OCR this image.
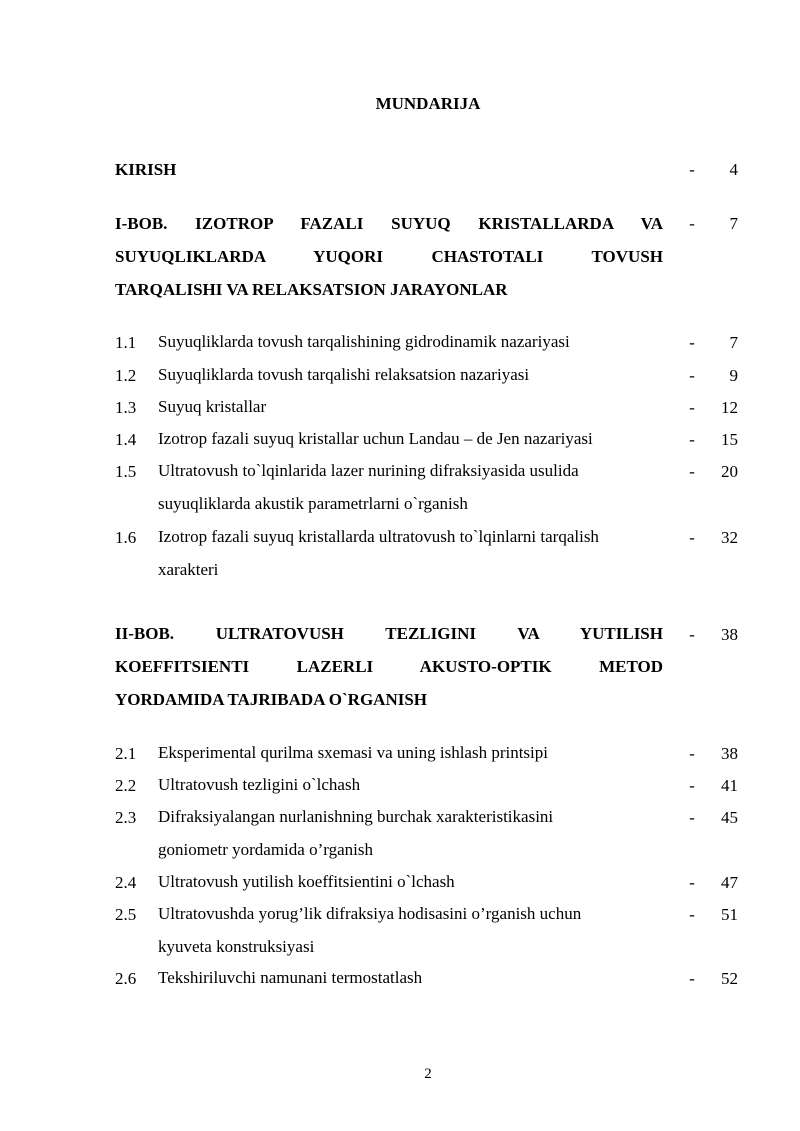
MUNDARIJA
KIRISH	-	4
I-BOB. IZOTROP FAZALI SUYUQ KRISTALLARDA VA
SUYUQLIKLARDA YUQORI CHASTOTALI TOVUSH
TARQALISHI VA RELAKSATSION JARAYONLAR
-	7
1.1 Suyuqliklarda tovush tarqalishining gidrodinamik nazariyasi	-	7
1.2 Suyuqliklarda tovush tarqalishi relaksatsion nazariyasi	-	9
1.3 Suyuq kristallar	-	12
1.4 Izotrop fazali suyuq kristallar uchun Landau – de Jen nazariyasi	-	15
1.5 Ultratovush to`lqinlarida lazer nurining difraksiyasida usulida
suyuqliklarda akustik parametrlarni o`rganish
-	20
1.6 Izotrop fazali suyuq kristallarda ultratovush to`lqinlarni tarqalish
xarakteri
-	32
II-BOB. ULTRATOVUSH TEZLIGINI VA YUTILISH
KOEFFITSIENTI LAZERLI AKUSTO-OPTIK METOD
YORDAMIDA TAJRIBADA O`RGANISH
-	38
2.1 Eksperimental qurilma sxemasi va uning ishlash printsipi	-	38
2.2 Ultratovush tezligini o`lchash	-	41
2.3 Difraksiyalangan nurlanishning burchak xarakteristikasini
goniometr yordamida o’rganish
-	45
2.4 Ultratovush yutilish koeffitsientini o`lchash	-	47
2.5 Ultratovushda yorug’lik difraksiya hodisasini o’rganish uchun
kyuveta konstruksiyasi
-	51
2.6 Tekshiriluvchi namunani termostatlash	-	52
2
